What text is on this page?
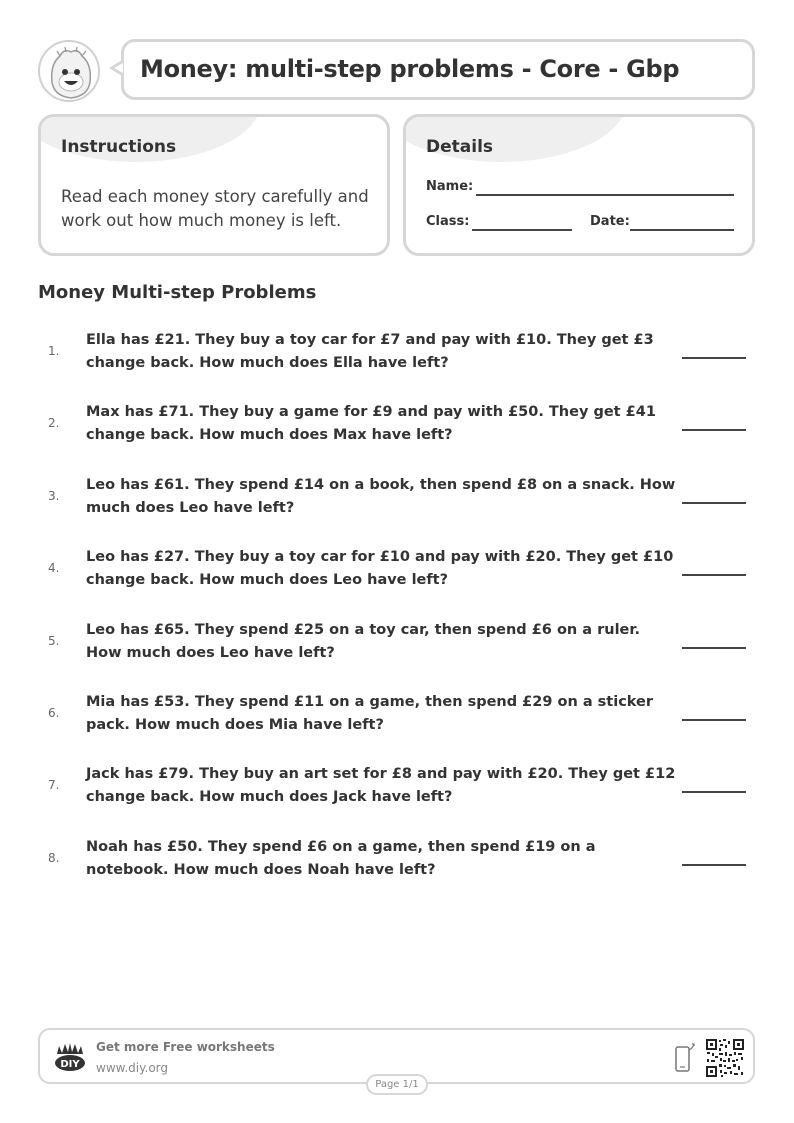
Money: multi-step problems - Core - Gbp
Instructions
Read each money story carefully and work out how much money is left.
Details
Name:
Class:	Date:
Money Multi-step Problems
1.
Ella has £21. They buy a toy car for £7 and pay with £10. They get £3 change back. How much does Ella have left?
2.
Max has £71. They buy a game for £9 and pay with £50. They get £41 change back. How much does Max have left?
3.
Leo has £61. They spend £14 on a book, then spend £8 on a snack. How much does Leo have left?
4.
Leo has £27. They buy a toy car for £10 and pay with £20. They get £10 change back. How much does Leo have left?
5.
Leo has £65. They spend £25 on a toy car, then spend £6 on a ruler. How much does Leo have left?
6.
Mia has £53. They spend £11 on a game, then spend £29 on a sticker pack. How much does Mia have left?
7.
Jack has £79. They buy an art set for £8 and pay with £20. They get £12 change back. How much does Jack have left?
8.
Noah has £50. They spend £6 on a game, then spend £19 on a notebook. How much does Noah have left?
DIY
Get more Free worksheets
www.diy.org
Page 1/1
